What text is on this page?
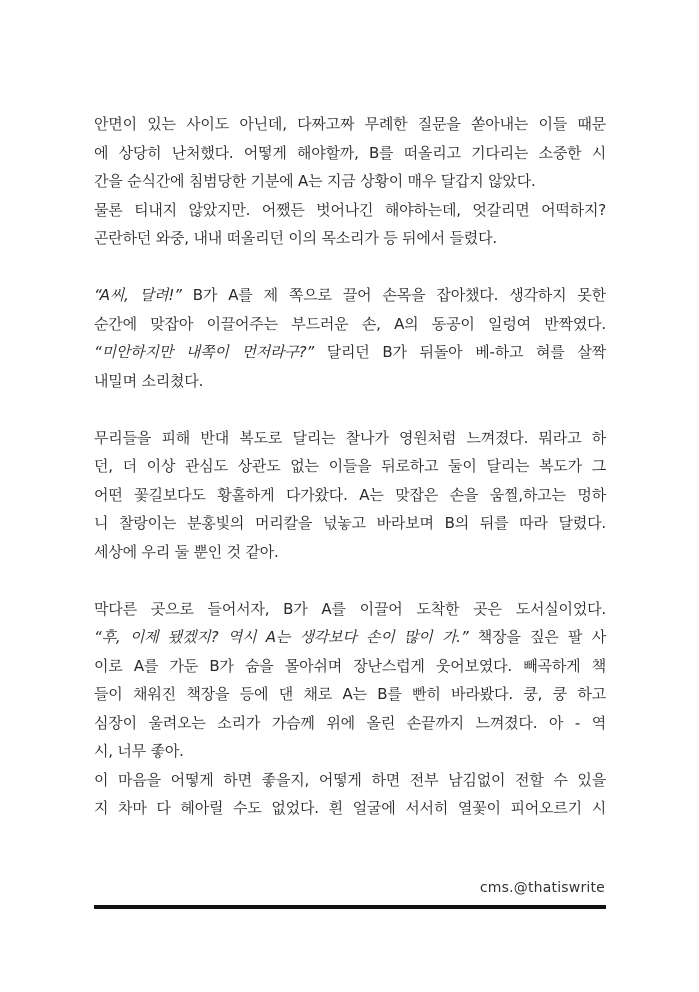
안면이 있는 사이도 아닌데, 다짜고짜 무례한 질문을 쏟아내는 이들 때문
에 상당히 난처했다. 어떻게 해야할까, B를 떠올리고 기다리는 소중한 시
간을 순식간에 침범당한 기분에 A는 지금 상황이 매우 달갑지 않았다.
물론 티내지 않았지만. 어쨌든 벗어나긴 해야하는데, 엇갈리면 어떡하지?
곤란하던 와중, 내내 떠올리던 이의 목소리가 등 뒤에서 들렸다.
“A씨, 달려!” B가 A를 제 쪽으로 끌어 손목을 잡아챘다. 생각하지 못한
순간에 맞잡아 이끌어주는 부드러운 손, A의 동공이 일렁여 반짝였다.
“미안하지만 내쪽이 먼저라구?” 달리던 B가 뒤돌아 베-하고 혀를 살짝
내밀며 소리쳤다.
무리들을 피해 반대 복도로 달리는 찰나가 영원처럼 느껴졌다. 뭐라고 하
던, 더 이상 관심도 상관도 없는 이들을 뒤로하고 둘이 달리는 복도가 그
어떤 꽃길보다도 황홀하게 다가왔다. A는 맞잡은 손을 움찔,하고는 멍하
니 찰랑이는 분홍빛의 머리칼을 넋놓고 바라보며 B의 뒤를 따라 달렸다.
세상에 우리 둘 뿐인 것 같아.
막다른 곳으로 들어서자, B가 A를 이끌어 도착한 곳은 도서실이었다.
“후, 이제 됐겠지? 역시 A는 생각보다 손이 많이 가.” 책장을 짚은 팔 사
이로 A를 가둔 B가 숨을 몰아쉬며 장난스럽게 웃어보였다. 빼곡하게 책
들이 채워진 책장을 등에 댄 채로 A는 B를 빤히 바라봤다. 쿵, 쿵 하고
심장이 울려오는 소리가 가슴께 위에 올린 손끝까지 느껴졌다. 아 - 역
시, 너무 좋아.
이 마음을 어떻게 하면 좋을지, 어떻게 하면 전부 남김없이 전할 수 있을
지 차마 다 헤아릴 수도 없었다. 흰 얼굴에 서서히 열꽃이 피어오르기 시
cms.@thatiswrite
